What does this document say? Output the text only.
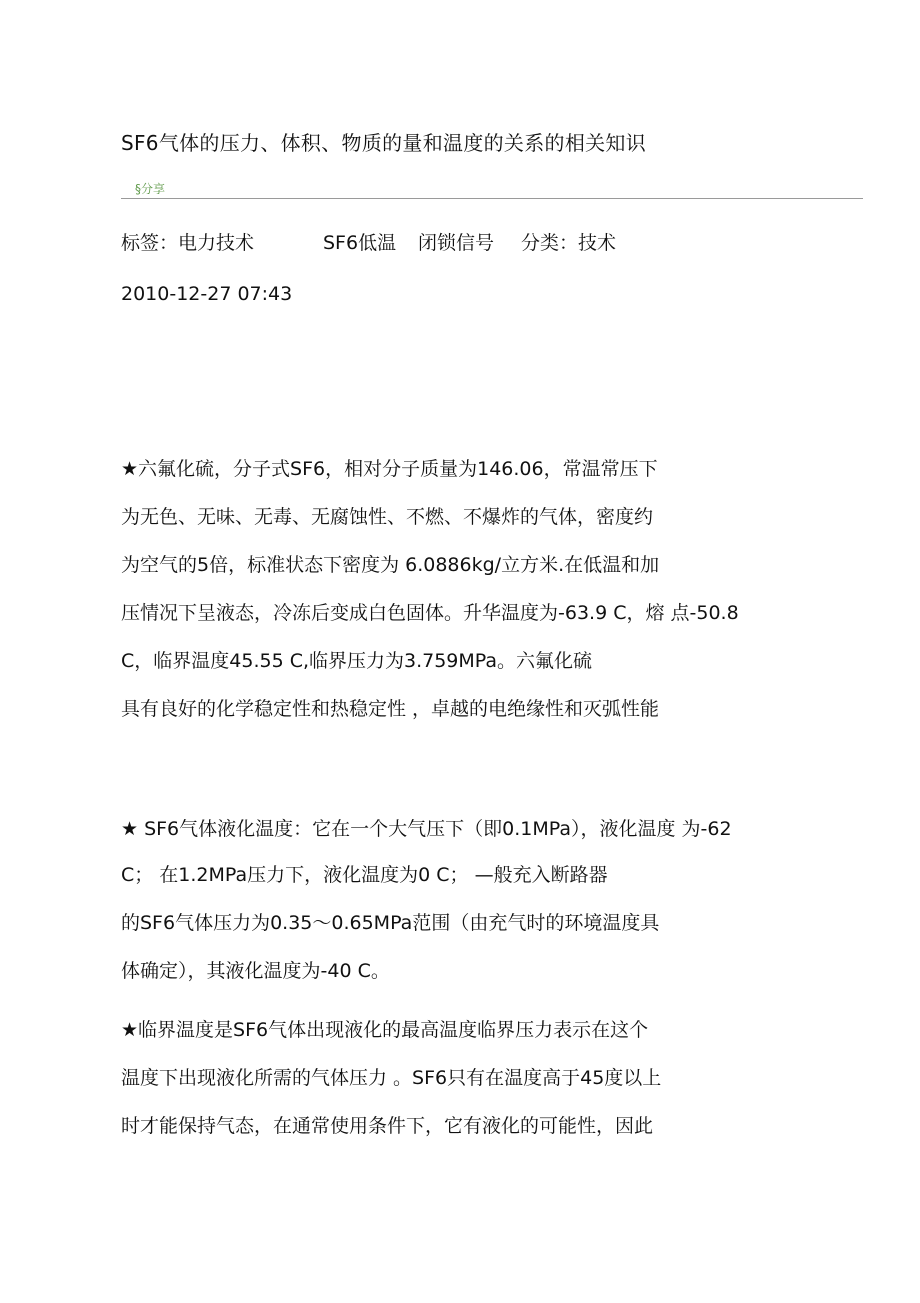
SF6气体的压力、体积、物质的量和温度的关系的相关知识
§分享
标签：电力技术	SF6低温 闭锁信号 分类：技术
2010-12-27 07:43
★六氟化硫，分子式SF6，相对分子质量为146.06，常温常压下
为无色、无味、无毒、无腐蚀性、不燃、不爆炸的气体，密度约
为空气的5倍，标准状态下密度为 6.0886kg/立方米.在低温和加
压情况下呈液态，冷冻后变成白色固体。升华温度为-63.9 C，熔 点-50.8
C，临界温度45.55 C,临界压力为3.759MPa。六氟化硫
具有良好的化学稳定性和热稳定性 ，卓越的电绝缘性和灭弧性能
★ SF6气体液化温度：它在一个大气压下（即0.1MPa），液化温度 为-62
C； 在1.2MPa压力下，液化温度为0 C； —般充入断路器
的SF6气体压力为0.35～0.65MPa范围（由充气时的环境温度具
体确定），其液化温度为-40 C。
★临界温度是SF6气体出现液化的最高温度临界压力表示在这个
温度下出现液化所需的气体压力 。SF6只有在温度高于45度以上
时才能保持气态，在通常使用条件下，它有液化的可能性，因此
